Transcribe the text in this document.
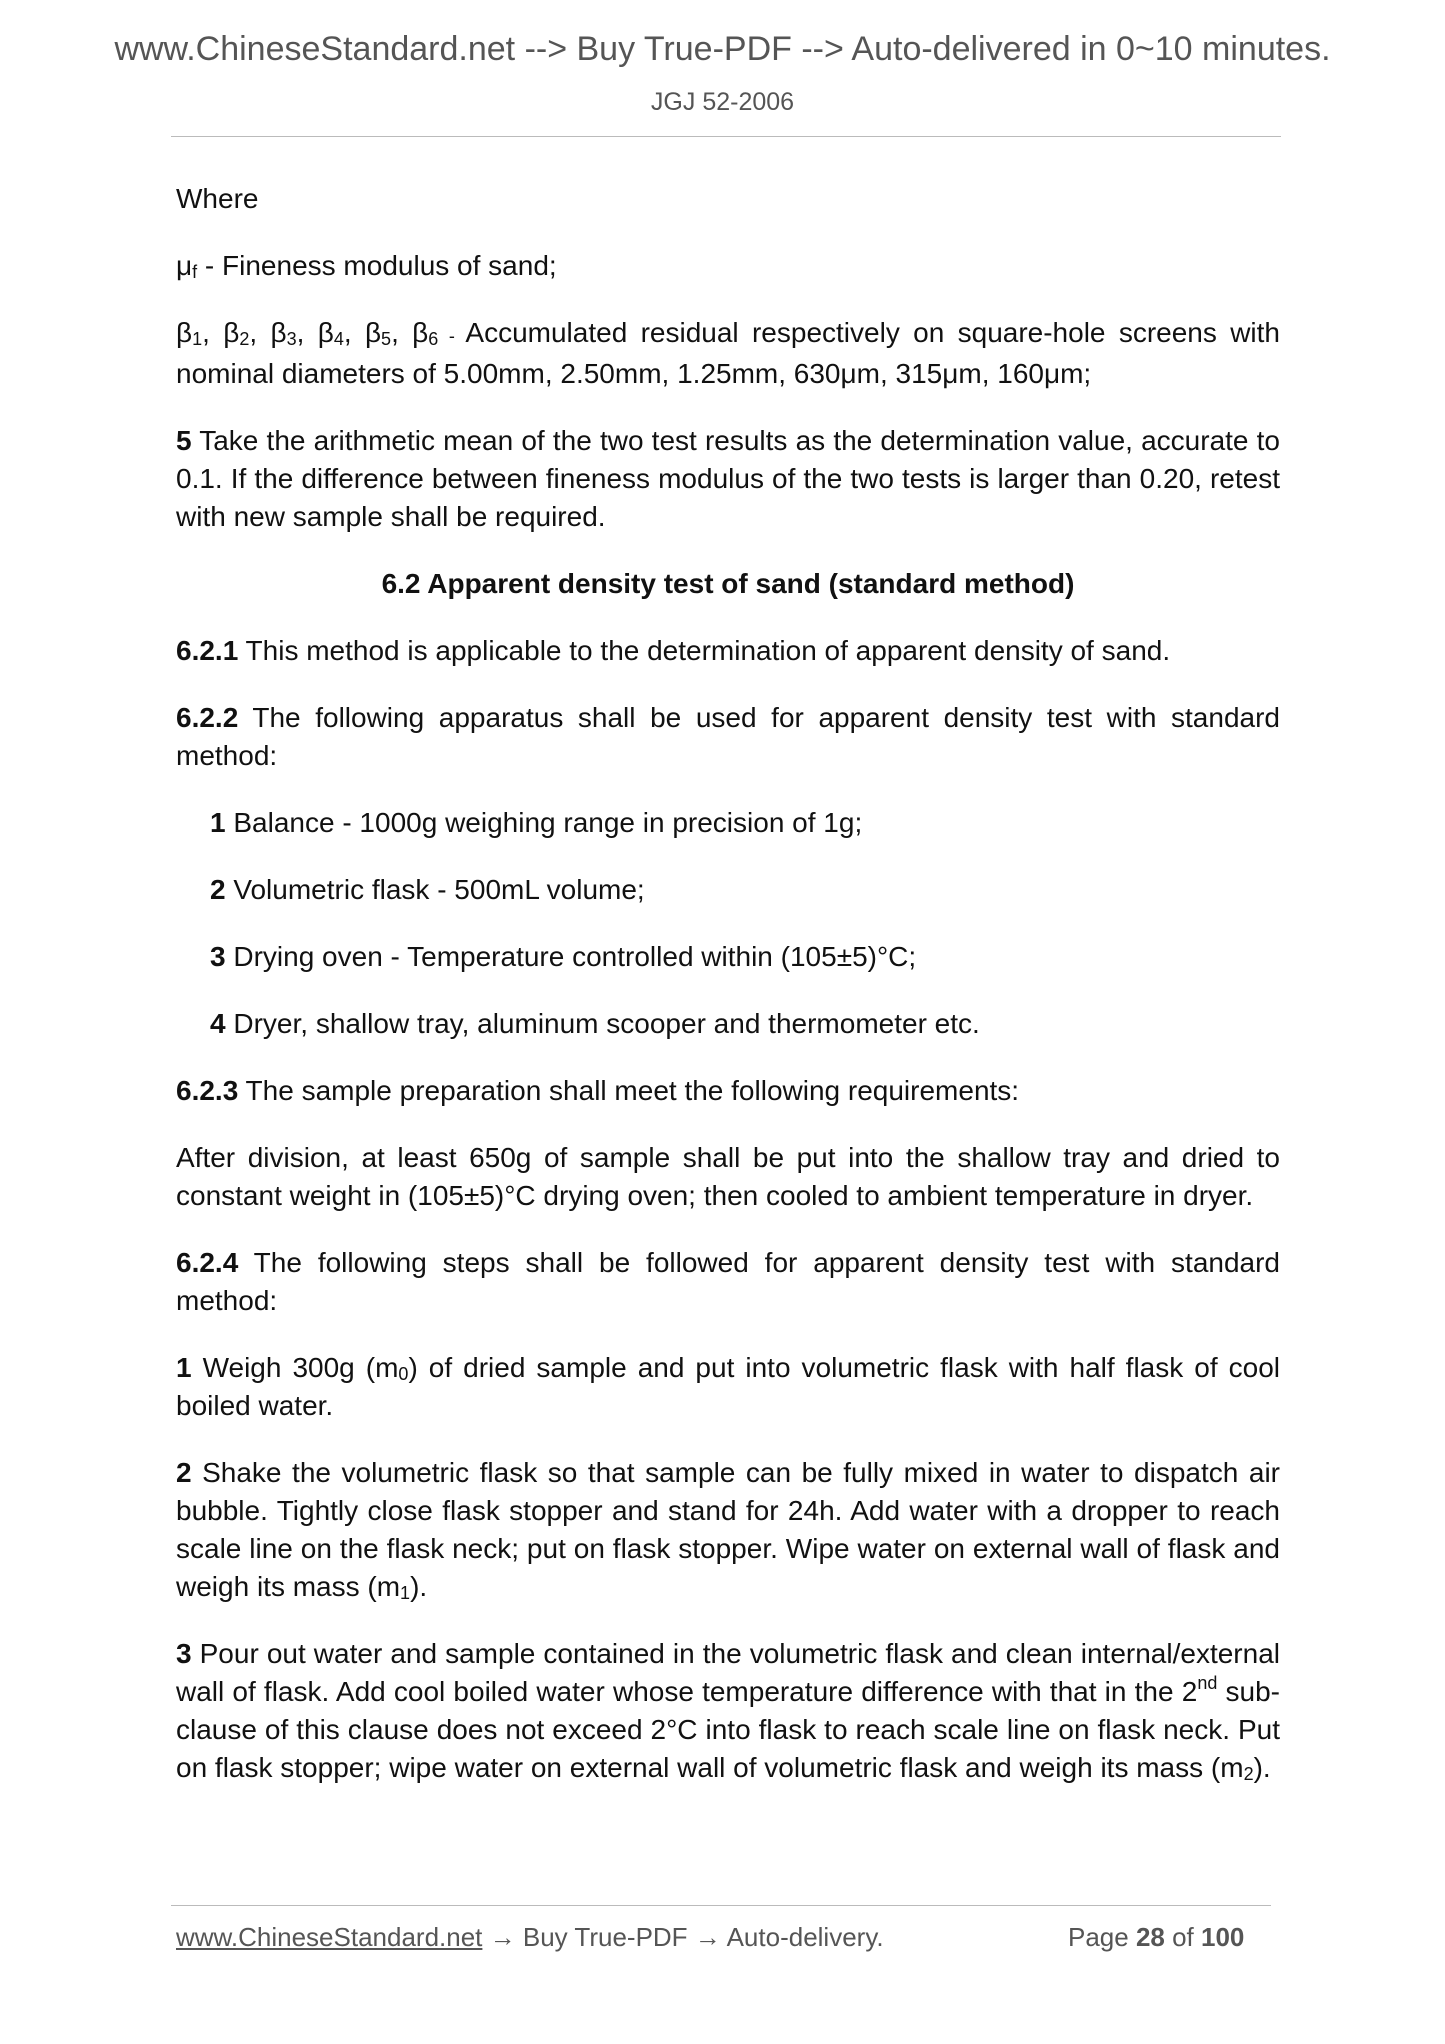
www.ChineseStandard.net --> Buy True-PDF --> Auto-delivered in 0~10 minutes.
JGJ 52-2006

Where

$\mu_f$ - Fineness modulus of sand;

$\beta_1$, $\beta_2$, $\beta_3$, $\beta_4$, $\beta_5$, $\beta_6$ - Accumulated residual respectively on square-hole screens with nominal diameters of 5.00mm, 2.50mm, 1.25mm, 630μm, 315μm, 160μm;

5 Take the arithmetic mean of the two test results as the determination value, accurate to 0.1. If the difference between fineness modulus of the two tests is larger than 0.20, retest with new sample shall be required.

6.2 Apparent density test of sand (standard method)

6.2.1 This method is applicable to the determination of apparent density of sand.

6.2.2 The following apparatus shall be used for apparent density test with standard method:

1 Balance - 1000g weighing range in precision of 1g;

2 Volumetric flask - 500mL volume;

3 Drying oven - Temperature controlled within (105±5)°C;

4 Dryer, shallow tray, aluminum scooper and thermometer etc.

6.2.3 The sample preparation shall meet the following requirements:

After division, at least 650g of sample shall be put into the shallow tray and dried to constant weight in (105±5)°C drying oven; then cooled to ambient temperature in dryer.

6.2.4 The following steps shall be followed for apparent density test with standard method:

1 Weigh 300g $(m_0)$ of dried sample and put into volumetric flask with half flask of cool boiled water.

2 Shake the volumetric flask so that sample can be fully mixed in water to dispatch air bubble. Tightly close flask stopper and stand for 24h. Add water with a dropper to reach scale line on the flask neck; put on flask stopper. Wipe water on external wall of flask and weigh its mass $(m_1)$.

3 Pour out water and sample contained in the volumetric flask and clean internal/external wall of flask. Add cool boiled water whose temperature difference with that in the 2nd sub-clause of this clause does not exceed 2°C into flask to reach scale line on flask neck. Put on flask stopper; wipe water on external wall of volumetric flask and weigh its mass $(m_2)$.

www.ChineseStandard.net → Buy True-PDF → Auto-delivery.	Page 28 of 100
